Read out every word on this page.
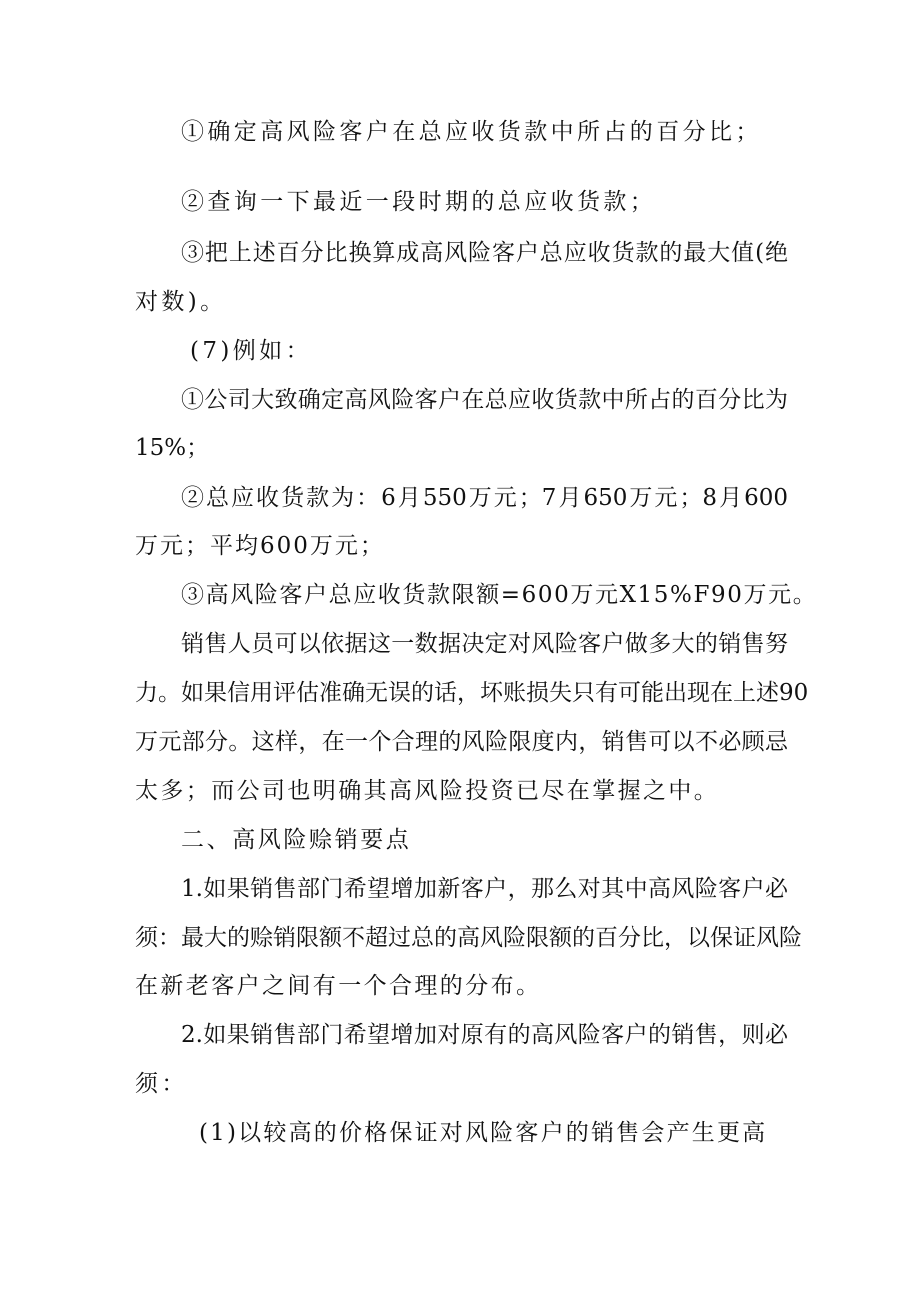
①确定高风险客户在总应收货款中所占的百分比；

②查询一下最近一段时期的总应收货款；

③把上述百分比换算成高风险客户总应收货款的最大值(绝

对数)。

(7)例如：

①公司大致确定高风险客户在总应收货款中所占的百分比为

15%；

②总应收货款为：6月550万元；7月650万元；8月600

万元；平均600万元；

③高风险客户总应收货款限额=600万元X15%F90万元。

销售人员可以依据这一数据决定对风险客户做多大的销售努

力。如果信用评估准确无误的话，坏账损失只有可能出现在上述90

万元部分。这样，在一个合理的风险限度内，销售可以不必顾忌

太多；而公司也明确其高风险投资已尽在掌握之中。

二、高风险赊销要点

1.如果销售部门希望增加新客户，那么对其中高风险客户必

须：最大的赊销限额不超过总的高风险限额的百分比，以保证风险

在新老客户之间有一个合理的分布。

2.如果销售部门希望增加对原有的高风险客户的销售，则必

须：

(1)以较高的价格保证对风险客户的销售会产生更高
